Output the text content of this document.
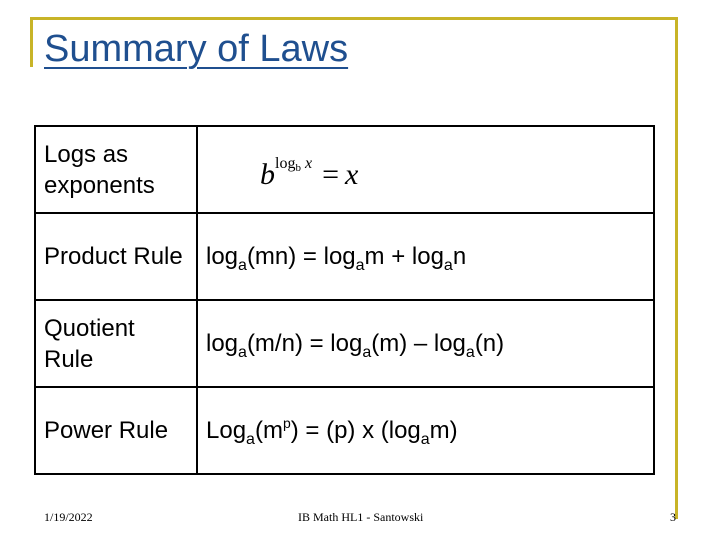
Summary of Laws
Logs as exponents	$b^{logb x} = x$
Product Rule	$\log_a(mn) = \log_am + \log_an$
Quotient Rule	$\log_a(m/n) = \log_a(m) - \log_a(n)$
Power Rule	$Log_a(m^p) = (p)$ x $(\log_am)$
1/19/2022	IB Math HL1 - Santowski	3
